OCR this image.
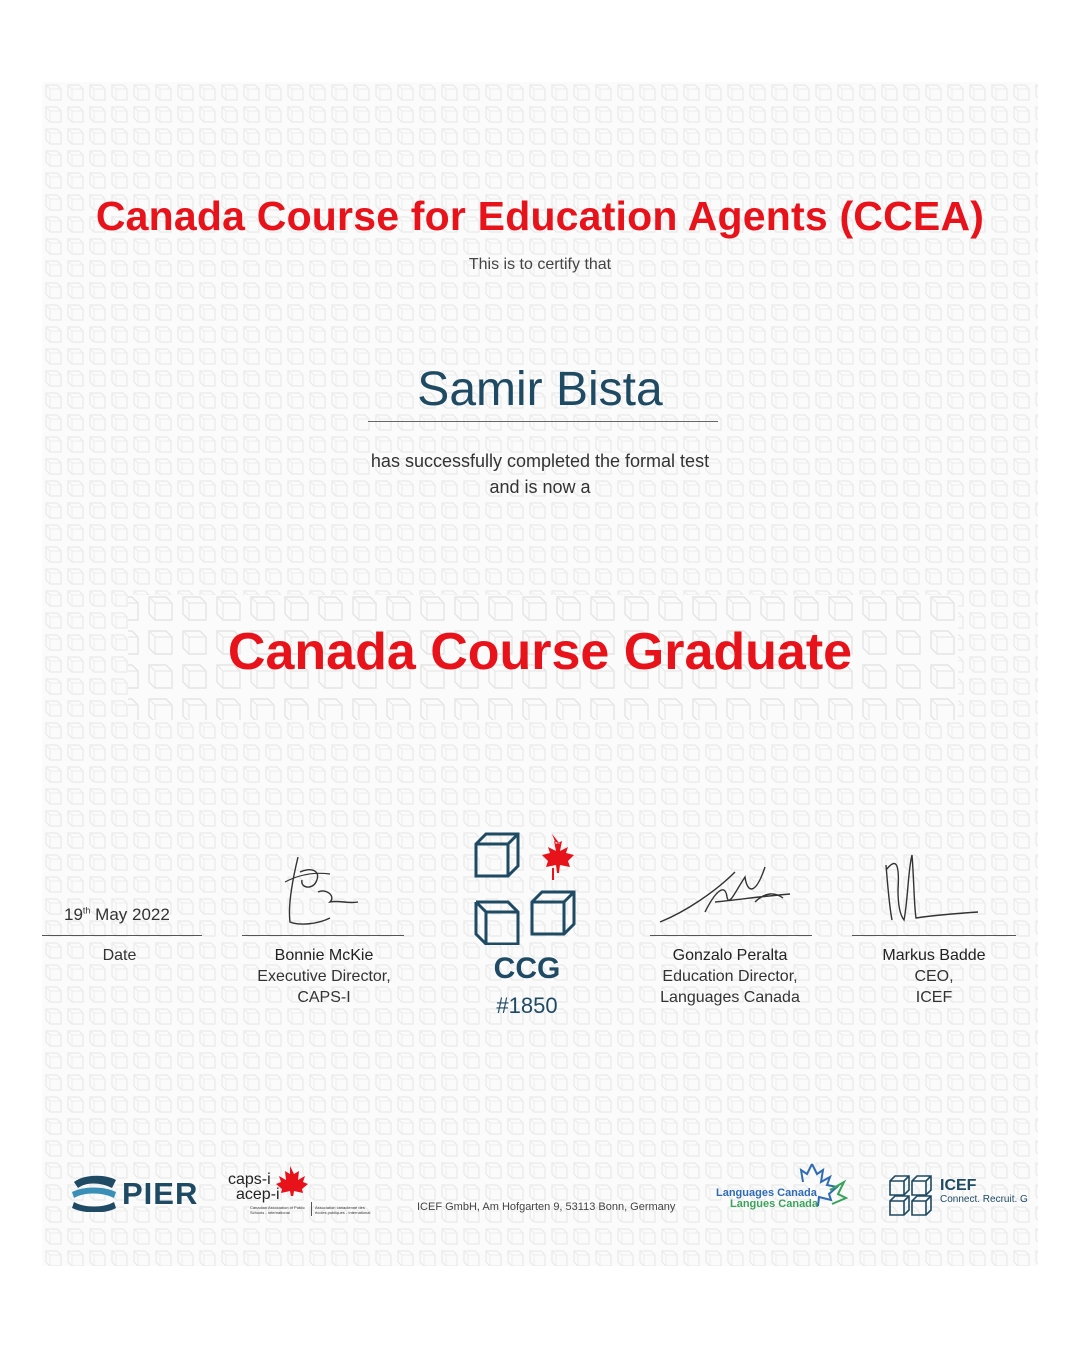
Canada Course for Education Agents (CCEA)
This is to certify that
Samir Bista
has successfully completed the formal test
and is now a
Canada Course Graduate
19th May 2022
Date	Bonnie McKie
Executive Director,
CAPS-I
CCG
#1850
Gonzalo Peralta
Education Director,
Languages Canada
Markus Badde
CEO,
ICEF
PIER caps-i
acep-i
Canadian Association of Public Schools - International
Association canadienne des écoles publiques - International	ICEF GmbH, Am Hofgarten 9, 53113 Bonn, Germany
Languages Canada
Langues Canada
ICEF
Connect. Recruit. G
